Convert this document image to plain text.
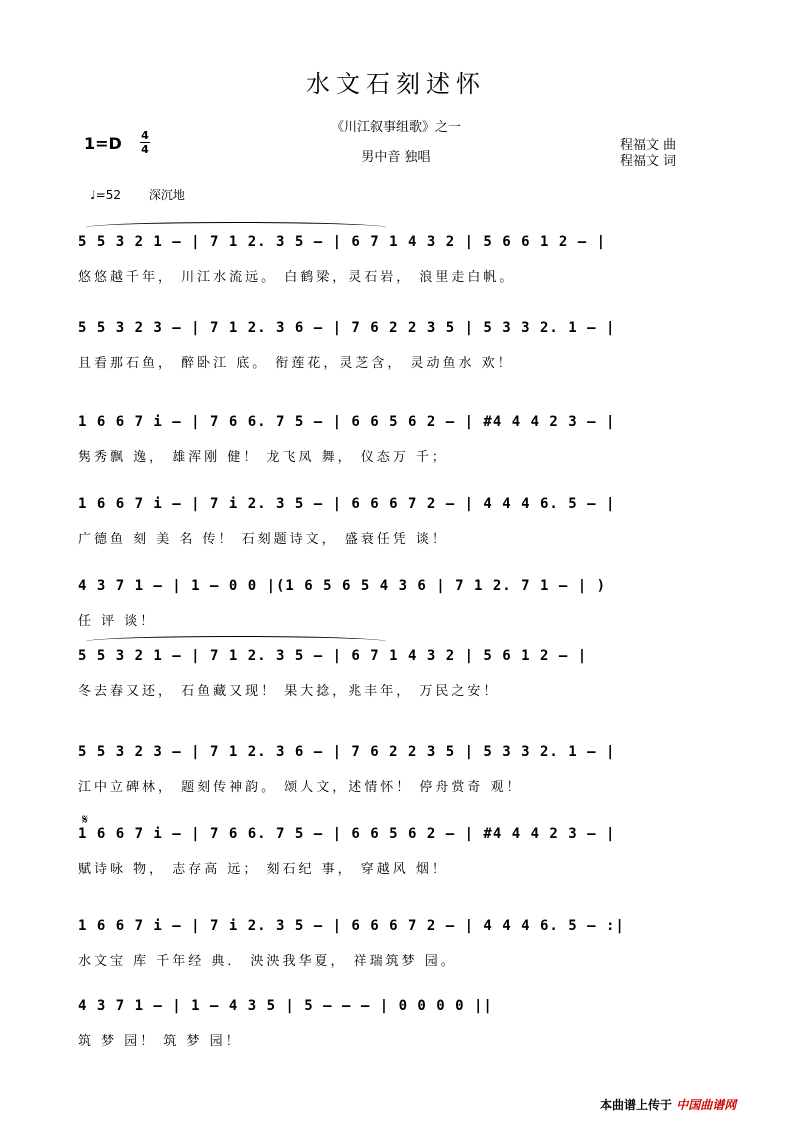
水文石刻述怀
《川江叙事组歌》之一
男中音 独唱
1=D 4
4	程福文 曲
程福文 词
♩=52 深沉地
5 5 3 2 1 – | 7 1 2. 3 5 – | 6 7 1 4 3 2 | 5 6 6 1 2 – |
悠悠越千年， 川江水流远。 白鹤梁，灵石岩， 浪里走白帆。
5 5 3 2 3 – | 7 1 2. 3 6 – | 7 6 2 2 3 5 | 5 3 3 2. 1 – |
且看那石鱼， 醉卧江 底。 衔莲花，灵芝含， 灵动鱼水 欢！
1 6 6 7 i – | 7 6 6. 7 5 – | 6 6 5 6 2 – | #4 4 4 2 3 – |
隽秀飘 逸， 雄浑刚 健！ 龙飞凤 舞， 仪态万 千；
1 6 6 7 i – | 7 i 2. 3 5 – | 6 6 6 7 2 – | 4 4 4 6. 5 – |
广德鱼 刻 美 名 传！ 石刻题诗文， 盛衰任凭 谈！
4 3 7 1 – | 1 – 0 0 |(1 6 5 6 5 4 3 6 | 7 1 2. 7 1 – | )
任 评 谈！
5 5 3 2 1 – | 7 1 2. 3 5 – | 6 7 1 4 3 2 | 5 6 1 2 – |
冬去春又还， 石鱼藏又现！ 果大捻，兆丰年， 万民之安！
5 5 3 2 3 – | 7 1 2. 3 6 – | 7 6 2 2 3 5 | 5 3 3 2. 1 – |
江中立碑林， 题刻传神韵。 颂人文，述情怀！ 停舟赏奇 观！
1 6 6 7 i – | 7 6 6. 7 5 – | 6 6 5 6 2 – | #4 4 4 2 3 – |
赋诗咏 物， 志存高 远； 刻石纪 事， 穿越风 烟！
1 6 6 7 i – | 7 i 2. 3 5 – | 6 6 6 7 2 – | 4 4 4 6. 5 – :|
水文宝 库 千年经 典． 泱泱我华夏， 祥瑞筑梦 园。
4 3 7 1 – | 1 – 4 3 5 | 5 – – – | 0 0 0 0 ||
筑 梦 园！ 筑 梦 园！
𝄋
本曲谱上传于 中国曲谱网
